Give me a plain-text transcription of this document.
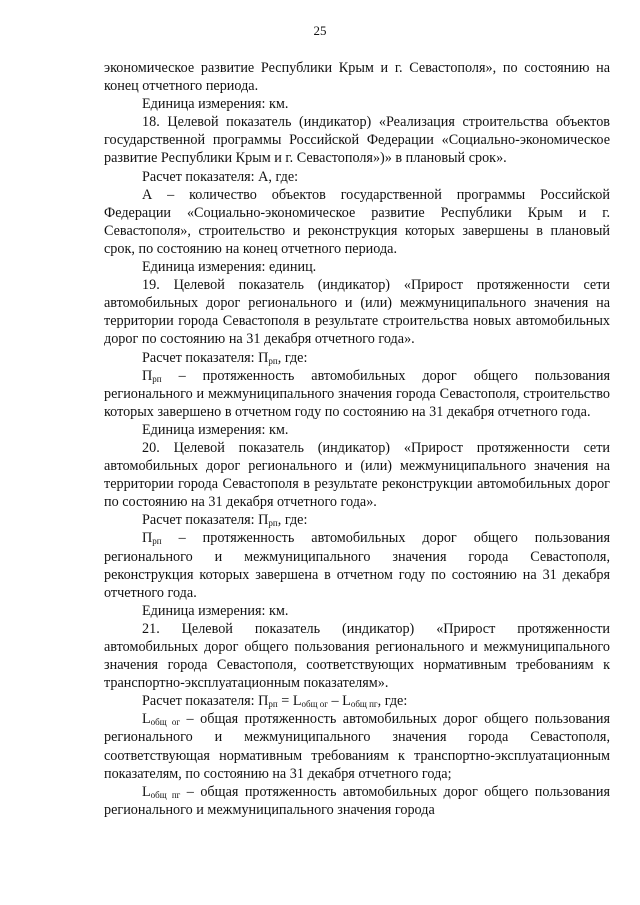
25

экономическое развитие Республики Крым и г. Севастополя», по состоянию на конец отчетного периода.

Единица измерения: км.

18. Целевой показатель (индикатор) «Реализация строительства объектов государственной программы Российской Федерации «Социально-экономическое развитие Республики Крым и г. Севастополя»)» в плановый срок».

Расчет показателя: А, где:

А – количество объектов государственной программы Российской Федерации «Социально-экономическое развитие Республики Крым и г. Севастополя», строительство и реконструкция которых завершены в плановый срок, по состоянию на конец отчетного периода.

Единица измерения: единиц.

19. Целевой показатель (индикатор) «Прирост протяженности сети автомобильных дорог регионального и (или) межмуниципального значения на территории города Севастополя в результате строительства новых автомобильных дорог по состоянию на 31 декабря отчетного года».

Расчет показателя: $П_{рп}$, где:

$П_{рп}$ – протяженность автомобильных дорог общего пользования регионального и межмуниципального значения города Севастополя, строительство которых завершено в отчетном году по состоянию на 31 декабря отчетного года.

Единица измерения: км.

20. Целевой показатель (индикатор) «Прирост протяженности сети автомобильных дорог регионального и (или) межмуниципального значения на территории города Севастополя в результате реконструкции автомобильных дорог по состоянию на 31 декабря отчетного года».

Расчет показателя: $П_{рп}$, где:

$П_{рп}$ – протяженность автомобильных дорог общего пользования регионального и межмуниципального значения города Севастополя, реконструкция которых завершена в отчетном году по состоянию на 31 декабря отчетного года.

Единица измерения: км.

21. Целевой показатель (индикатор) «Прирост протяженности автомобильных дорог общего пользования регионального и межмуниципального значения города Севастополя, соответствующих нормативным требованиям к транспортно-эксплуатационным показателям».

Расчет показателя: $П_{рп} = L_{общ ог} - L_{общ пг}$, где:

$L_{общ ог}$ – общая протяженность автомобильных дорог общего пользования регионального и межмуниципального значения города Севастополя, соответствующая нормативным требованиям к транспортно-эксплуатационным показателям, по состоянию на 31 декабря отчетного года;

$L_{общ пг}$ – общая протяженность автомобильных дорог общего пользования регионального и межмуниципального значения города
